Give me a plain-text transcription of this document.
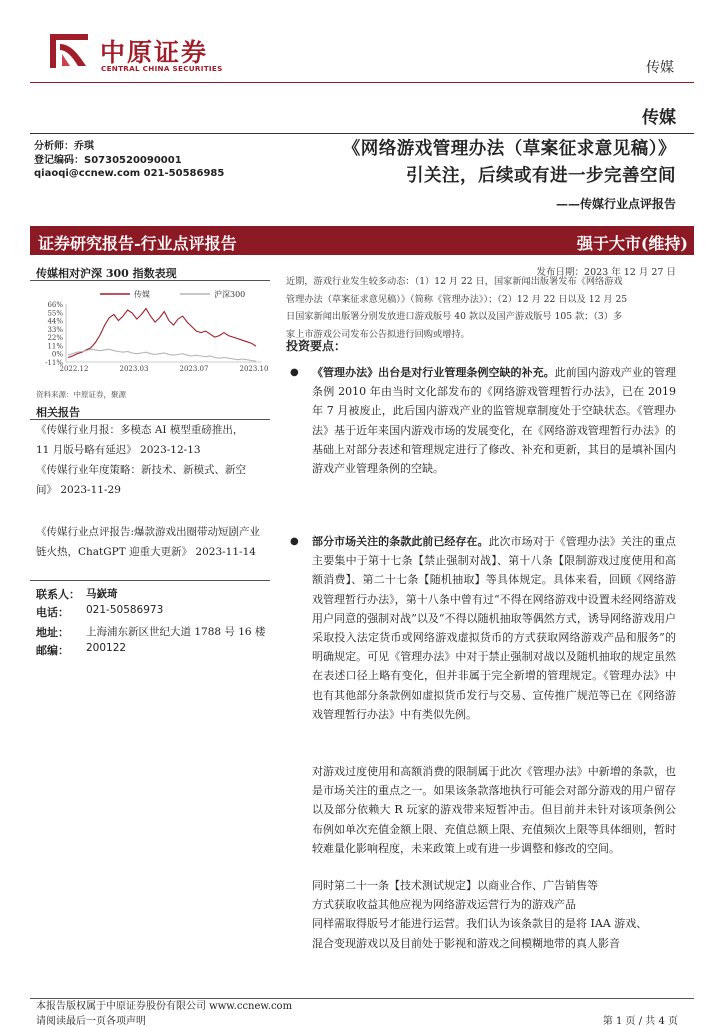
中原证券
CENTRAL CHINA SECURITIES	传媒
传媒
分析师：乔琪
登记编码：S0730520090001
qiaoqi@ccnew.com 021-50586985
《网络游戏管理办法（草案征求意见稿）》
引关注，后续或有进一步完善空间
——传媒行业点评报告
证券研究报告-行业点评报告	强于大市(维持)
传媒相对沪深 300 指数表现
66%
55%
44%
33%
22%
11%
0%
-11%
2022.12	2023.03	2023.07	2023.10
传媒	沪深300
资料来源：中原证券，聚源
相关报告
《传媒行业月报：多模态 AI 模型重磅推出，
11 月版号略有延迟》 2023-12-13
《传媒行业年度策略：新技术、新模式、新空
间》 2023-11-29
《传媒行业点评报告:爆款游戏出圈带动短剧产业
链火热，ChatGPT 迎重大更新》 2023-11-14
联系人： 马嶔琦
电话： 021-50586973
地址： 上海浦东新区世纪大道 1788 号 16 楼
邮编： 200122
发布日期：2023 年 12 月 27 日
近期，游戏行业发生较多动态：（1）12 月 22 日，国家新闻出版署发布《网络游戏
管理办法（草案征求意见稿）》（简称《管理办法》）；（2）12 月 22 日以及 12 月 25
日国家新闻出版署分别发放进口游戏版号 40 款以及国产游戏版号 105 款；（3）多
家上市游戏公司发布公告拟进行回购或增持。
投资要点：
● 《管理办法》出台是对行业管理条例空缺的补充。此前国内游戏产业的管理条例 2010 年由当时文化部发布的《网络游戏管理暂行办法》，已在 2019 年 7 月被废止，此后国内游戏产业的监管规章制度处于空缺状态。《管理办法》基于近年来国内游戏市场的发展变化，在《网络游戏管理暂行办法》的基础上对部分表述和管理规定进行了修改、补充和更新，其目的是填补国内游戏产业管理条例的空缺。
● 部分市场关注的条款此前已经存在。此次市场对于《管理办法》关注的重点主要集中于第十七条【禁止强制对战】、第十八条【限制游戏过度使用和高额消费】、第二十七条【随机抽取】等具体规定。具体来看，回顾《网络游戏管理暂行办法》，第十八条中曾有过“不得在网络游戏中设置未经网络游戏用户同意的强制对战”以及“不得以随机抽取等偶然方式，诱导网络游戏用户采取投入法定货币或网络游戏虚拟货币的方式获取网络游戏产品和服务”的明确规定。可见《管理办法》中对于禁止强制对战以及随机抽取的规定虽然在表述口径上略有变化，但并非属于完全新增的管理规定。《管理办法》中也有其他部分条款例如虚拟货币发行与交易、宣传推广规范等已在《网络游戏管理暂行办法》中有类似先例。
对游戏过度使用和高额消费的限制属于此次《管理办法》中新增的条款，也是市场关注的重点之一。如果该条款落地执行可能会对部分游戏的用户留存以及部分依赖大 R 玩家的游戏带来短暂冲击。但目前并未针对该项条例公布例如单次充值金额上限、充值总额上限、充值频次上限等具体细则，暂时较难量化影响程度，未来政策上或有进一步调整和修改的空间。
同时第二十一条【技术测试规定】以商业合作、广告销售等
方式获取收益其他应视为网络游戏运营行为的游戏产品
同样需取得版号才能进行运营。我们认为该条款目的是将 IAA 游戏、
混合变现游戏以及目前处于影视和游戏之间模糊地带的真人影音
本报告版权属于中原证券股份有限公司 www.ccnew.com
请阅读最后一页各项声明	第 1 页 / 共 4 页
